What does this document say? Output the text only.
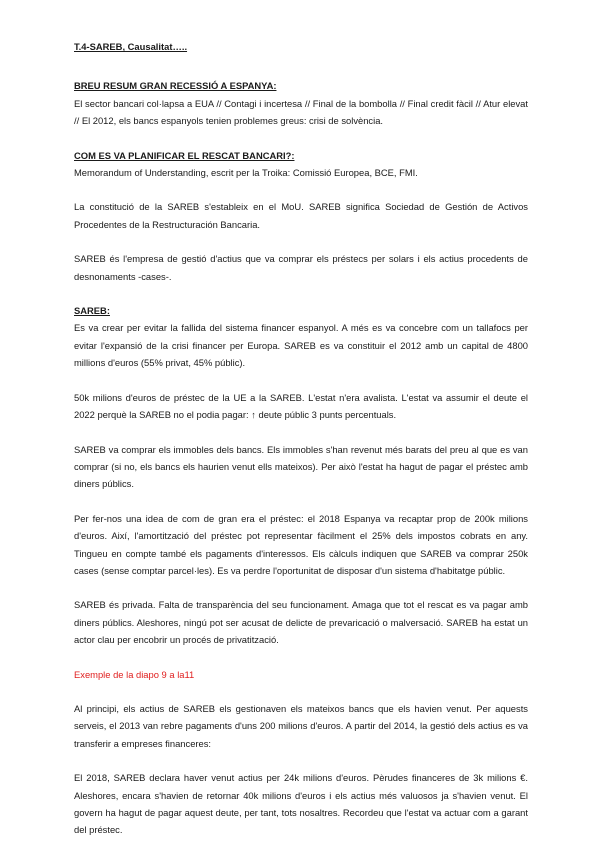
T.4-SAREB, Causalitat…..

BREU RESUM GRAN RECESSIÓ A ESPANYA:

El sector bancari col·lapsa a EUA // Contagi i incertesa // Final de la bombolla // Final credit fàcil // Atur elevat // El 2012, els bancs espanyols tenien problemes greus: crisi de solvència.

COM ES VA PLANIFICAR EL RESCAT BANCARI?:

Memorandum of Understanding, escrit per la Troika: Comissió Europea, BCE, FMI.

La constitució de la SAREB s'estableix en el MoU. SAREB significa Sociedad de Gestión de Activos Procedentes de la Restructuración Bancaria.

SAREB és l'empresa de gestió d'actius que va comprar els préstecs per solars i els actius procedents de desnonaments -cases-.

SAREB:

Es va crear per evitar la fallida del sistema financer espanyol. A més es va concebre com un tallafocs per evitar l'expansió de la crisi financer per Europa. SAREB es va constituir el 2012 amb un capital de 4800 millions d'euros (55% privat, 45% públic).

50k milions d'euros de préstec de la UE a la SAREB. L'estat n'era avalista. L'estat va assumir el deute el 2022 perquè la SAREB no el podia pagar: ↑ deute públic 3 punts percentuals.

SAREB va comprar els immobles dels bancs. Els immobles s'han revenut més barats del preu al que es van comprar (si no, els bancs els haurien venut ells mateixos). Per això l'estat ha hagut de pagar el préstec amb diners públics.

Per fer-nos una idea de com de gran era el préstec: el 2018 Espanya va recaptar prop de 200k milions d'euros. Així, l'amortització del préstec pot representar fàcilment el 25% dels impostos cobrats en any. Tingueu en compte també els pagaments d'interessos. Els càlculs indiquen que SAREB va comprar 250k cases (sense comptar parcel·les). Es va perdre l'oportunitat de disposar d'un sistema d'habitatge públic.

SAREB és privada. Falta de transparència del seu funcionament. Amaga que tot el rescat es va pagar amb diners públics. Aleshores, ningú pot ser acusat de delicte de prevaricació o malversació. SAREB ha estat un actor clau per encobrir un procés de privatització.

Exemple de la diapo 9 a la11

Al principi, els actius de SAREB els gestionaven els mateixos bancs que els havien venut. Per aquests serveis, el 2013 van rebre pagaments d'uns 200 milions d'euros. A partir del 2014, la gestió dels actius es va transferir a empreses financeres:

El 2018, SAREB declara haver venut actius per 24k milions d'euros. Pèrudes financeres de 3k milions €. Aleshores, encara s'havien de retornar 40k milions d'euros i els actius més valuosos ja s'havien venut. El govern ha hagut de pagar aquest deute, per tant, tots nosaltres. Recordeu que l'estat va actuar com a garant del préstec.
